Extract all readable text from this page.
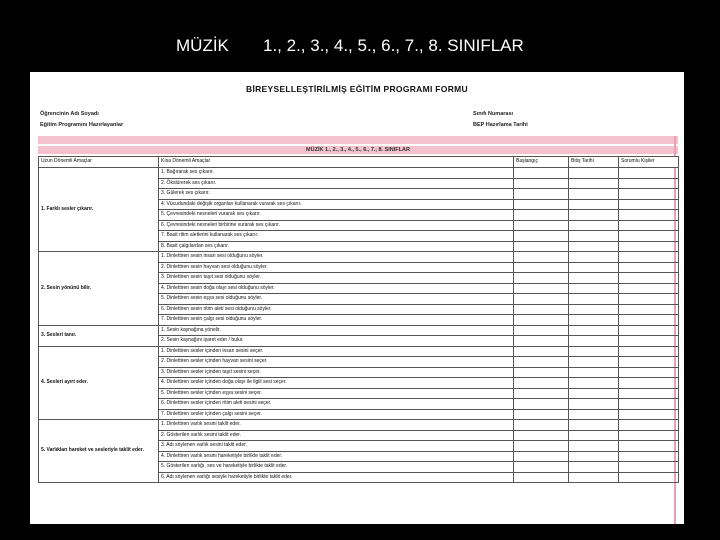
MÜZİK 1., 2., 3., 4., 5., 6., 7., 8. SINIFLAR
BİREYSELLEŞTİRİLMİŞ EĞİTİM PROGRAMI FORMU
Öğrencinin Adı Soyadı
Eğitim Programını Hazırlayanlar
Sınıfı Numarası
BEP Hazırlama Tarihi
MÜZİK 1., 2., 3., 4., 5., 6., 7., 8. SINIFLAR
Uzun Dönemli Amaçlar	Kısa Dönemli Amaçlar	Başlangıç	Bitiş Tarihi	Sorumlu Kişiler
1. Farklı sesler çıkarır.	1. Bağırarak ses çıkarır.			
	2. Ökslürerek ses çıkarır.			
	3. Gülerek ses çıkarır.			
	4. Vücudundaki değişik organları kullanarak vurarak ses çıkarır.			
	5. Çevresindeki nesneleri vurarak ses çıkarır.			
	6. Çevresindeki nesneleri birbirine vurarak ses çıkarır.			
	7. Basit ritim aletlerini kullanarak ses çıkarır.			
	8. Basit çalgılardan ses çıkarır.			
2. Sesin yönünü bilir.	1. Dinlettiren sesin insan sesi olduğunu söyler.			
	2. Dinlettiren sesin hayvan sesi olduğunu söyler.			
	3. Dinlettiren sesin taşıt sesi olduğunu söyler.			
	4. Dinlettiren sesin doğa olayı sesi olduğunu söyler.			
	5. Dinlettiren sesin eşya sesi olduğunu söyler.			
	6. Dinlettiren sesin ritim aleti sesi olduğunu söyler.			
	7. Dinlettiren sesin çalgı sesi olduğunu söyler.			
3. Sesleri tanır.	1. Sesin kaynağına yönelir.			
	2. Sesin kaynağını işaret eder / bulur.			
4. Sesleri ayırt eder.	1. Dinlettiren sesler içinden insan sesini seçer.			
	2. Dinlettiren sesler içinden hayvan sesini seçer.			
	3. Dinlettiren sesler içinden taşıt sesini seçer.			
	4. Dinlettiren sesler içinden doğa olayı ile ilgili sesi seçer.			
	5. Dinlettiren sesler içinden eşya sesini seçer.			
	6. Dinlettiren sesler içinden ritim aleti sesini seçer.			
	7. Dinlettiren sesler içinden çalgı sesini seçer.			
5. Varlıkları hareket ve sesleriyle taklit eder.	1. Dinlettiren varlık sesini taklit eder.			
	2. Gösterilen varlık sesini taklit eder.			
	3. Adı söylenen varlık sesini taklit eder.			
	4. Dinlettiren varlık sesini hareketiyle birlikte taklit eder.			
	5. Gösterilen varlığı, ses ve hareketiyle birlikte taklit eder.			
	6. Adı söylenen varlığı sesiyle hareketiyle birlikte taklit eder.			
